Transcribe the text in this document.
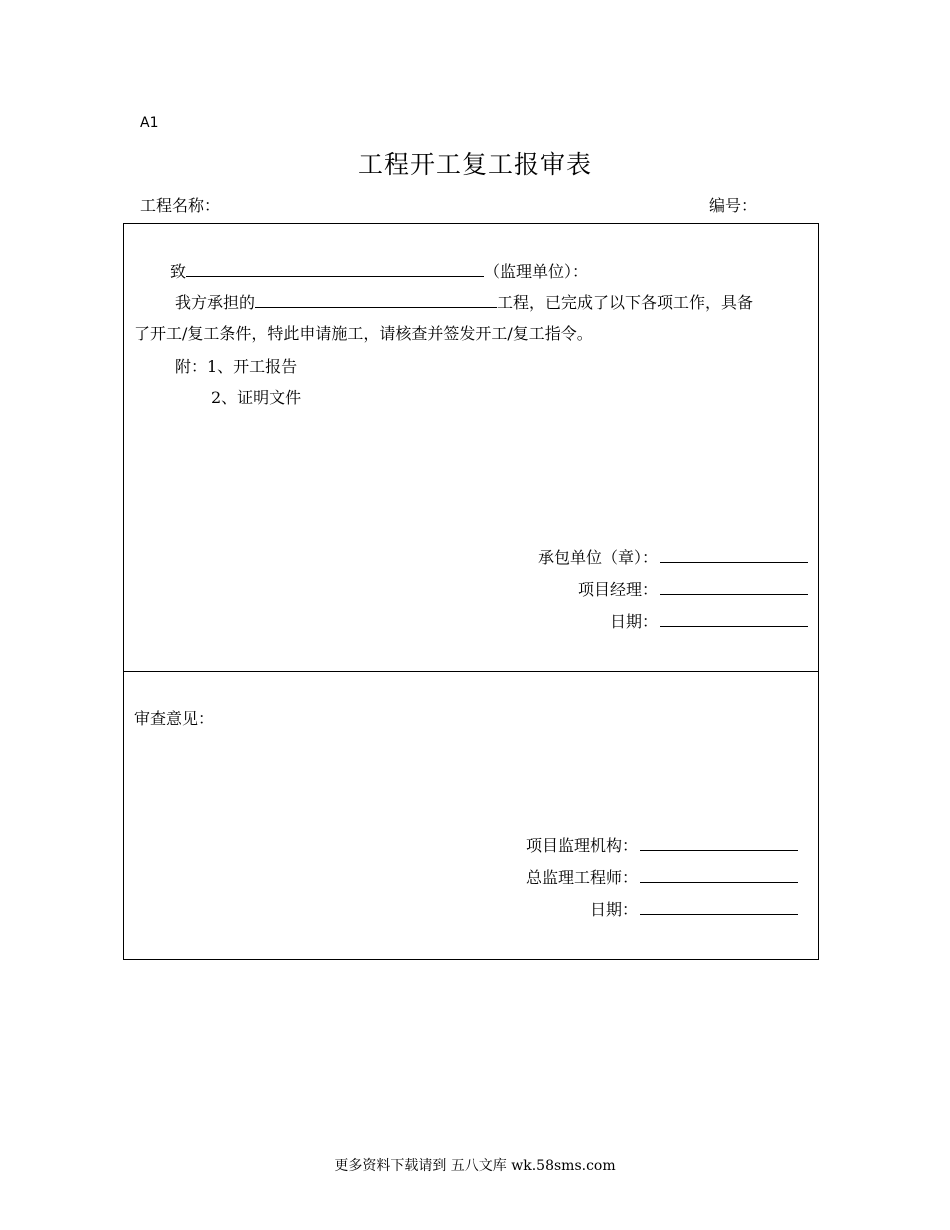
A1
工程开工复工报审表
工程名称：	编号：
致	（监理单位）：
我方承担的	工程，已完成了以下各项工作，具备
了开工/复工条件，特此申请施工，请核查并签发开工/复工指令。
附：1、开工报告
2、证明文件
承包单位（章）：
项目经理：
日期：
审查意见：
项目监理机构：
总监理工程师：
日期：
更多资料下载请到 五八文库 wk.58sms.com
